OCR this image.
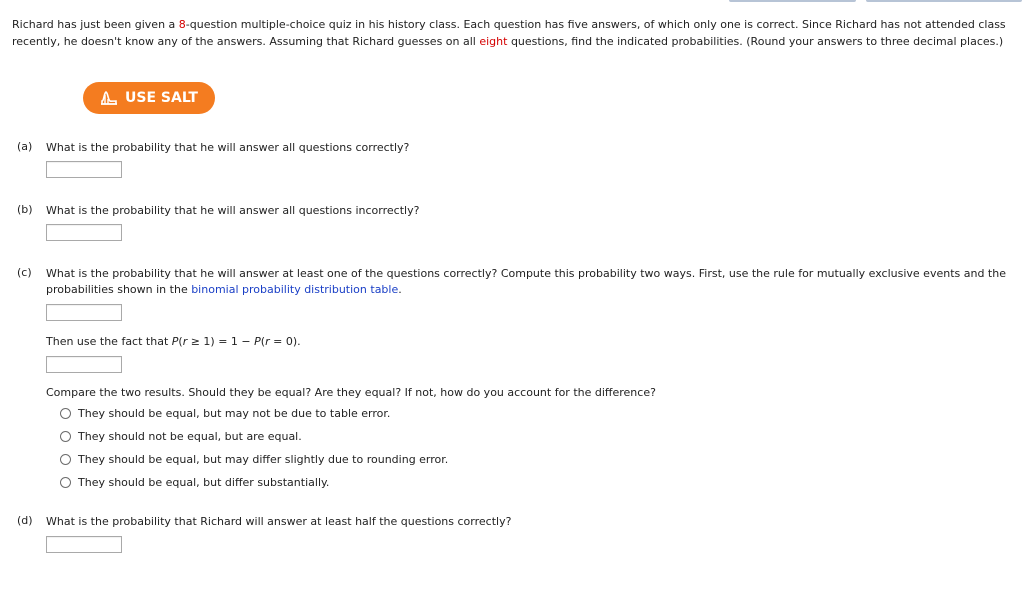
Richard has just been given a 8-question multiple-choice quiz in his history class. Each question has five answers, of which only one is correct. Since Richard has not attended class recently, he doesn't know any of the answers. Assuming that Richard guesses on all eight questions, find the indicated probabilities. (Round your answers to three decimal places.)
USE SALT
(a) What is the probability that he will answer all questions correctly?
(b) What is the probability that he will answer all questions incorrectly?
(c) What is the probability that he will answer at least one of the questions correctly? Compute this probability two ways. First, use the rule for mutually exclusive events and the probabilities shown in the binomial probability distribution table.
Then use the fact that P(r ≥ 1) = 1 − P(r = 0).
Compare the two results. Should they be equal? Are they equal? If not, how do you account for the difference?
They should be equal, but may not be due to table error.
They should not be equal, but are equal.
They should be equal, but may differ slightly due to rounding error.
They should be equal, but differ substantially.
(d) What is the probability that Richard will answer at least half the questions correctly?
